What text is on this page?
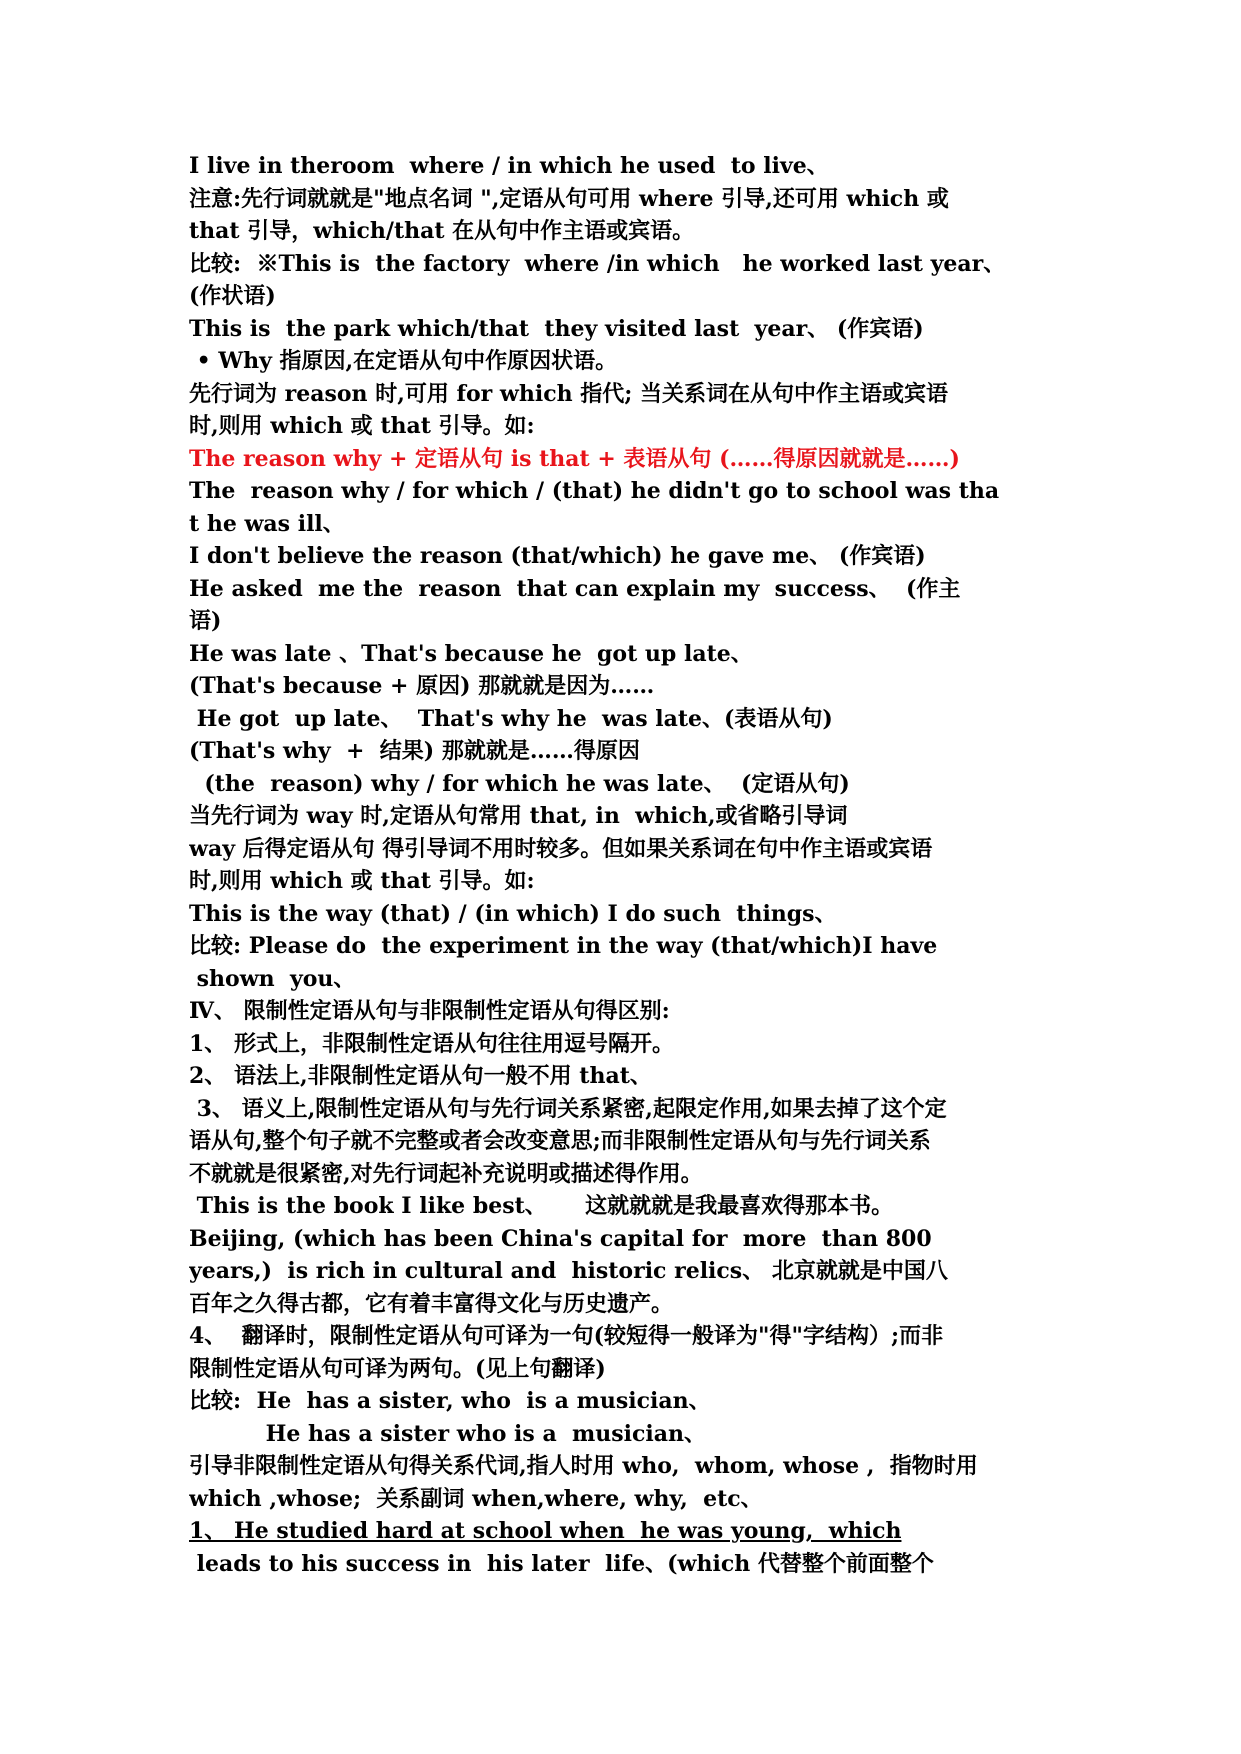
I live in theroom  where / in which he used  to live、

注意:先行词就就是"地点名词 ",定语从句可用 where 引导,还可用 which 或

that 引导，which/that 在从句中作主语或宾语。

比较:  ※This is  the factory  where /in which   he worked last year、

(作状语)

This is  the park which/that  they visited last  year、 (作宾语)

• Why 指原因,在定语从句中作原因状语。

先行词为 reason 时,可用 for which 指代; 当关系词在从句中作主语或宾语

时,则用 which 或 that 引导。如:

The reason why + 定语从句 is that + 表语从句 (……得原因就就是……)

The  reason why / for which / (that) he didn't go to school was tha

t he was ill、

I don't believe the reason (that/which) he gave me、 (作宾语)

He asked  me the  reason  that can explain my  success、  (作主

语)

He was late 、That's because he  got up late、

(That's because + 原因) 那就就是因为……

He got  up late、  That's why he  was late、(表语从句)

(That's why  +  结果) 那就就是……得原因

(the  reason) why / for which he was late、  (定语从句)

当先行词为 way 时,定语从句常用 that, in  which,或省略引导词

way 后得定语从句 得引导词不用时较多。但如果关系词在句中作主语或宾语

时,则用 which 或 that 引导。如:

This is the way (that) / (in which) I do such  things、

比较: Please do  the experiment in the way (that/which)I have

shown  you、

Ⅳ、 限制性定语从句与非限制性定语从句得区别:

1、 形式上，非限制性定语从句往往用逗号隔开。

2、 语法上,非限制性定语从句一般不用 that、

3、 语义上,限制性定语从句与先行词关系紧密,起限定作用,如果去掉了这个定

语从句,整个句子就不完整或者会改变意思;而非限制性定语从句与先行词关系

不就就是很紧密,对先行词起补充说明或描述得作用。

This is the book I like best、     这就就就是我最喜欢得那本书。

Beijing, (which has been China's capital for  more  than 800

years,)  is rich in cultural and  historic relics、 北京就就是中国八

百年之久得古都，它有着丰富得文化与历史遗产。

4、  翻译时，限制性定语从句可译为一句(较短得一般译为"得"字结构）;而非

限制性定语从句可译为两句。(见上句翻译)

比较:  He  has a sister, who  is a musician、

He has a sister who is a  musician、

引导非限制性定语从句得关系代词,指人时用 who,  whom, whose ,  指物时用

which ,whose;  关系副词 when,where, why,  etc、

1、 He studied hard at school when  he was young,  which

leads to his success in  his later  life、(which 代替整个前面整个
